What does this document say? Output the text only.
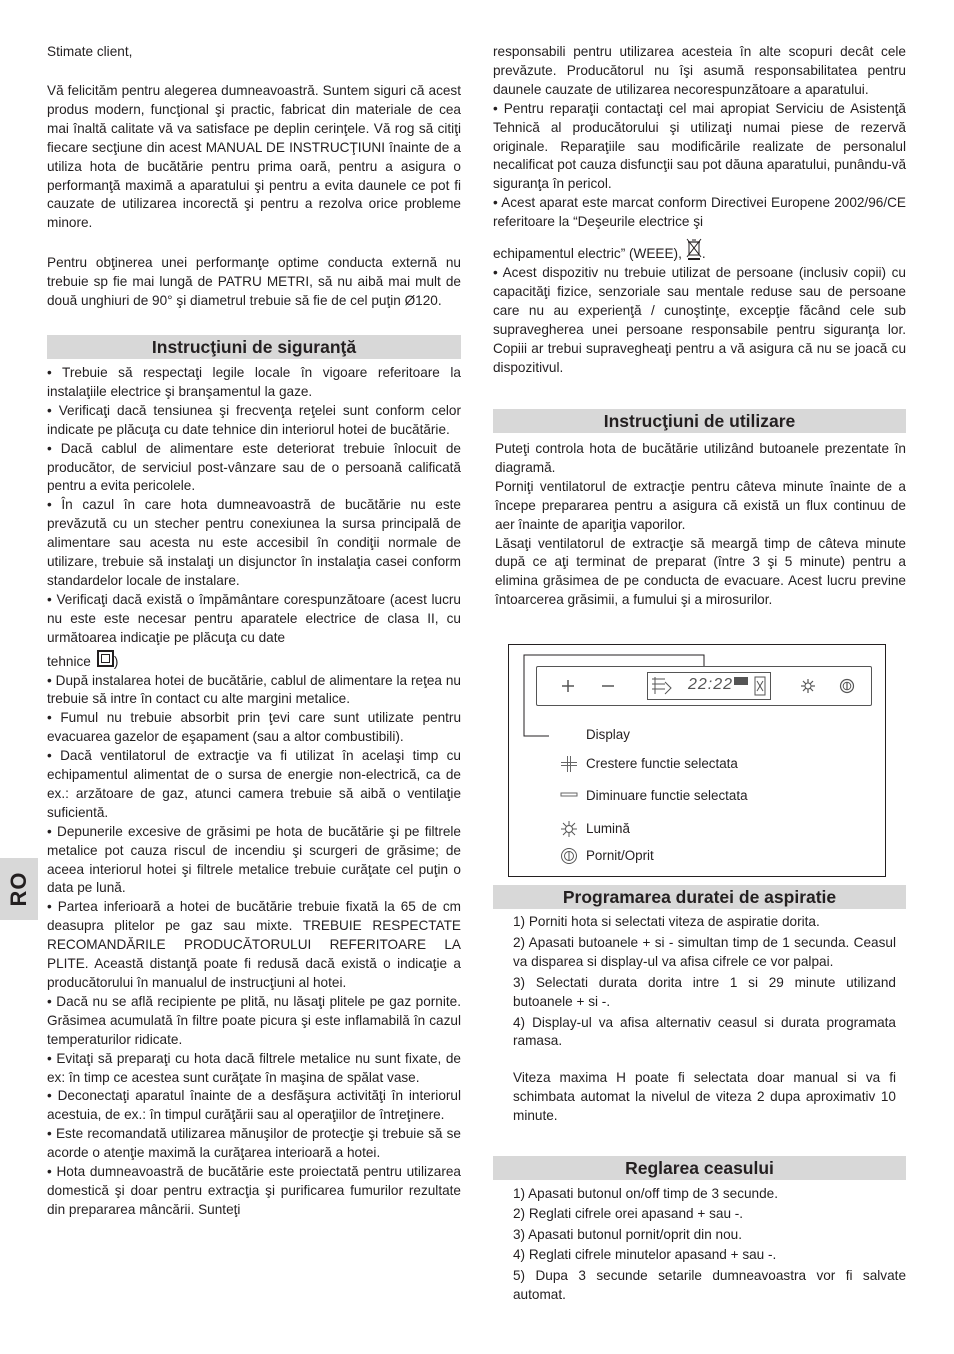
RO

Stimate client,

Vă felicităm pentru alegerea dumneavoastră. Suntem siguri că acest produs modern, funcţional şi practic, fabricat din materiale de cea mai înaltă calitate vă va satisface pe deplin cerinţele. Vă rog să citiţi fiecare secţiune din acest MANUAL DE INSTRUCŢIUNI înainte de a utiliza hota de bucătărie pentru prima oară, pentru a asigura o performanţă maximă a aparatului şi pentru a evita daunele ce pot fi cauzate de utilizarea incorectă şi pentru a rezolva orice probleme minore.

Pentru obţinerea unei performanţe optime conducta externă nu trebuie sp fie mai lungă de PATRU METRI, să nu aibă mai mult de două unghiuri de 90° şi diametrul trebuie să fie de cel puţin Ø120.

Instrucţiuni de siguranţă

• Trebuie să respectaţi legile locale în vigoare referitoare la instalaţiile electrice şi branşamentul la gaze.

• Verificaţi dacă tensiunea şi frecvenţa reţelei sunt conform celor indicate pe plăcuţa cu date tehnice din interiorul hotei de bucătărie.

• Dacă cablul de alimentare este deteriorat trebuie înlocuit de producător, de serviciul post-vânzare sau de o persoană calificată pentru a evita pericolele.

• În cazul în care hota dumneavoastră de bucătărie nu este prevăzută cu un stecher pentru conexiunea la sursa principală de alimentare sau acesta nu este accesibil în condiţii normale de utilizare, trebuie să instalaţi un disjunctor în instalaţia casei conform standardelor locale de instalare.

• Verificaţi dacă există o împământare corespunzătoare (acest lucru nu este este necesar pentru aparatele electrice de clasa II, cu următoarea indicaţie pe plăcuţa cu date

tehnice )

• După instalarea hotei de bucătărie, cablul de alimentare la reţea nu trebuie să intre în contact cu alte margini metalice.

• Fumul nu trebuie absorbit prin ţevi care sunt utilizate pentru evacuarea gazelor de eşapament (sau a altor combustibili).

• Dacă ventilatorul de extracţie va fi utilizat în acelaşi timp cu echipamentul alimentat de o sursa de energie non-electrică, ca de ex.: arzătoare de gaz, atunci camera trebuie să aibă o ventilaţie suficientă.

• Depunerile excesive de grăsimi pe hota de bucătărie şi pe filtrele metalice pot cauza riscul de incendiu şi scurgeri de grăsime; de aceea interiorul hotei şi filtrele metalice trebuie curăţate cel puţin o data pe lună.

• Partea inferioară a hotei de bucătărie trebuie fixată la 65 de cm deasupra plitelor pe gaz sau mixte. TREBUIE RESPECTATE RECOMANDĂRILE PRODUCĂTORULUI REFERITOARE LA PLITE. Această distanţă poate fi redusă dacă există o indicaţie a producătorului în manualul de instrucţiuni al hotei.

• Dacă nu se află recipiente pe plită, nu lăsaţi plitele pe gaz pornite. Grăsimea acumulată în filtre poate picura şi este inflamabilă în cazul temperaturilor ridicate.

• Evitaţi să preparaţi cu hota dacă filtrele metalice nu sunt fixate, de ex: în timp ce acestea sunt curăţate în maşina de spălat vase.

• Deconectaţi aparatul înainte de a desfăşura activităţi în interiorul acestuia, de ex.: în timpul curăţării sau al operaţiilor de întreţinere.

• Este recomandată utilizarea mănuşilor de protecţie şi trebuie să se acorde o atenţie maximă la curăţarea interioară a hotei.

• Hota dumneavoastră de bucătărie este proiectată pentru utilizarea domestică şi doar pentru extracţia şi purificarea fumurilor rezultate din prepararea mâncării. Sunteţi

responsabili pentru utilizarea acesteia în alte scopuri decât cele prevăzute. Producătorul nu îşi asumă responsabilitatea pentru daunele cauzate de utilizarea necorespunzătoare a aparatului.

• Pentru reparaţii contactaţi cel mai apropiat Serviciu de Asistenţă Tehnică al producătorului şi utilizaţi numai piese de rezervă originale. Reparaţiile sau modificările realizate de personalul necalificat pot cauza disfuncţii sau pot dăuna aparatului, punându-vă siguranţa în pericol.

• Acest aparat este marcat conform Directivei Europene 2002/96/CE referitoare la “Deşeurile electrice şi

echipamentul electric” (WEEE), .

• Acest dispozitiv nu trebuie utilizat de persoane (inclusiv copii) cu capacităţi fizice, senzoriale sau mentale reduse sau de persoane care nu au experienţă / cunoştinţe, excepţie făcând cele sub supravegherea unei persoane responsabile pentru siguranţa lor. Copiii ar trebui supravegheaţi pentru a vă asigura că nu se joacă cu dispozitivul.

Instrucţiuni de utilizare

Puteţi controla hota de bucătărie utilizând butoanele prezentate în diagramă.

Porniţi ventilatorul de extracţie pentru câteva minute înainte de a începe prepararea pentru a asigura că există un flux continuu de aer înainte de apariţia vaporilor.

Lăsaţi ventilatorul de extracţie să meargă timp de câteva minute după ce aţi terminat de preparat (între 3 şi 5 minute) pentru a elimina grăsimea de pe conducta de evacuare. Acest lucru previne întoarcerea grăsimii, a fumului şi a mirosurilor.

Programarea duratei de aspiratie

1) Porniti hota si selectati viteza de aspiratie dorita.

2) Apasati butoanele + si - simultan timp de 1 secunda. Ceasul va disparea si display-ul va afisa cifrele ce vor palpai.

3) Selectati durata dorita intre 1 si 29 minute utilizand butoanele + si -.

4) Display-ul va afisa alternativ ceasul si durata programata ramasa.

Viteza maxima H poate fi selectata doar manual si va fi schimbata automat la nivelul de viteza 2 dupa aproximativ 10 minute.

Reglarea ceasului

1) Apasati butonul on/off timp de 3 secunde.

2) Reglati cifrele orei apasand + sau -.

3) Apasati butonul pornit/oprit din nou.

4) Reglati cifrele minutelor apasand + sau -.

5) Dupa 3 secunde setarile dumneavoastra vor fi salvate automat.

22:22
Display
Crestere functie selectata
Diminuare functie selectata
Lumină
Pornit/Oprit
